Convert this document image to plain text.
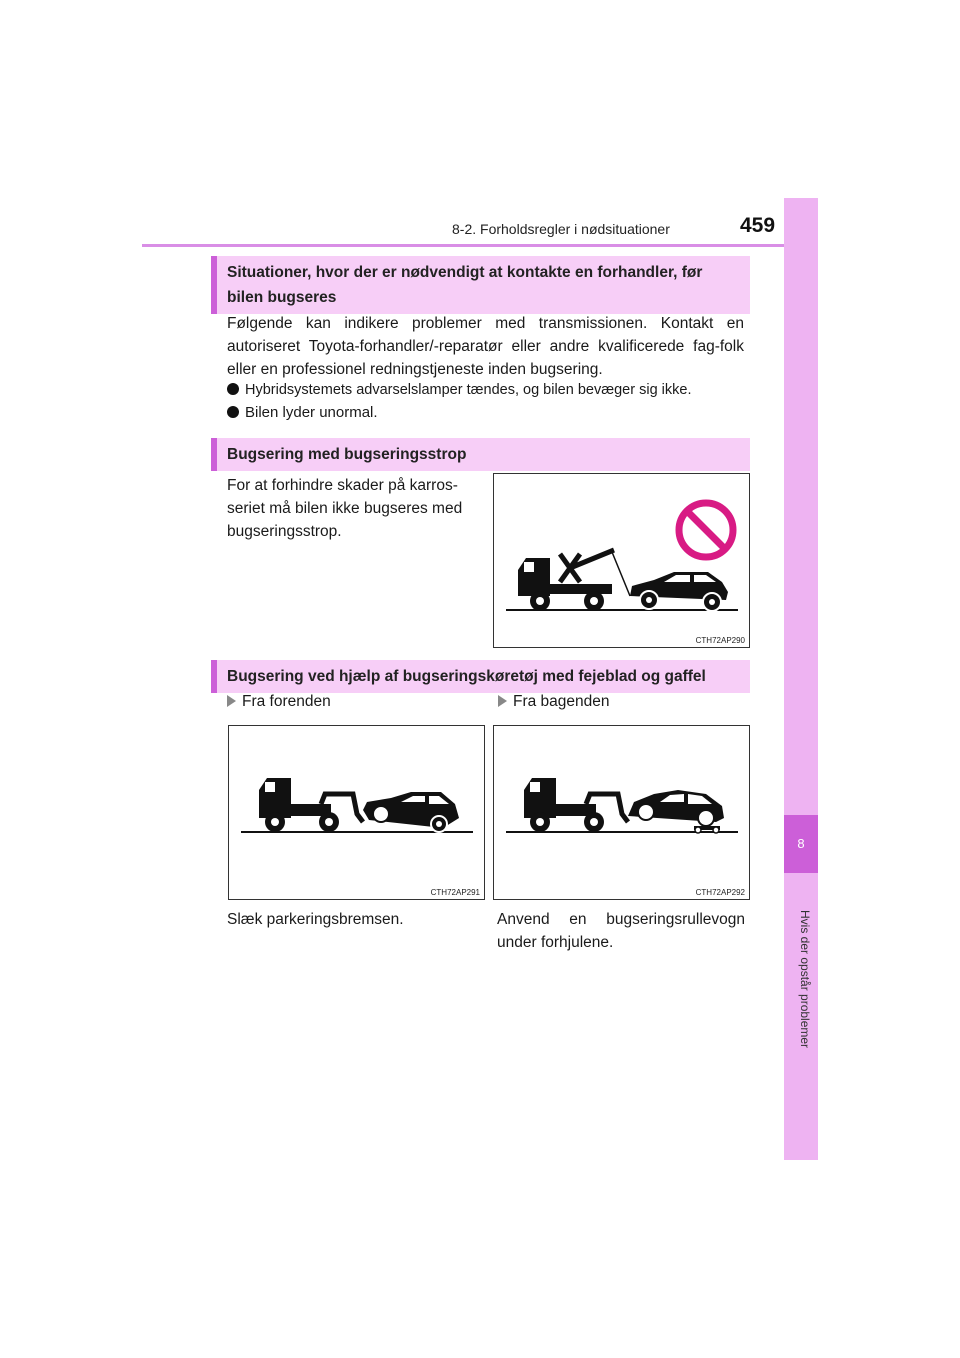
8-2. Forholdsregler i nødsituationer	459
8
Hvis der opstår problemer
Situationer, hvor der er nødvendigt at kontakte en forhandler, før bilen bugseres
Følgende kan indikere problemer med transmissionen. Kontakt en autoriseret Toyota-forhandler/-reparatør eller andre kvalificerede fag-folk eller en professionel redningstjeneste inden bugsering.
Hybridsystemets advarselslamper tændes, og bilen bevæger sig ikke.
Bilen lyder unormal.
Bugsering med bugseringsstrop
For at forhindre skader på karros-seriet må bilen ikke bugseres med bugseringsstrop.
CTH72AP290
Bugsering ved hjælp af bugseringskøretøj med fejeblad og gaffel
Fra forenden	Fra bagenden
CTH72AP291	CTH72AP292
Slæk parkeringsbremsen.	Anvend en bugseringsrullevogn under forhjulene.
